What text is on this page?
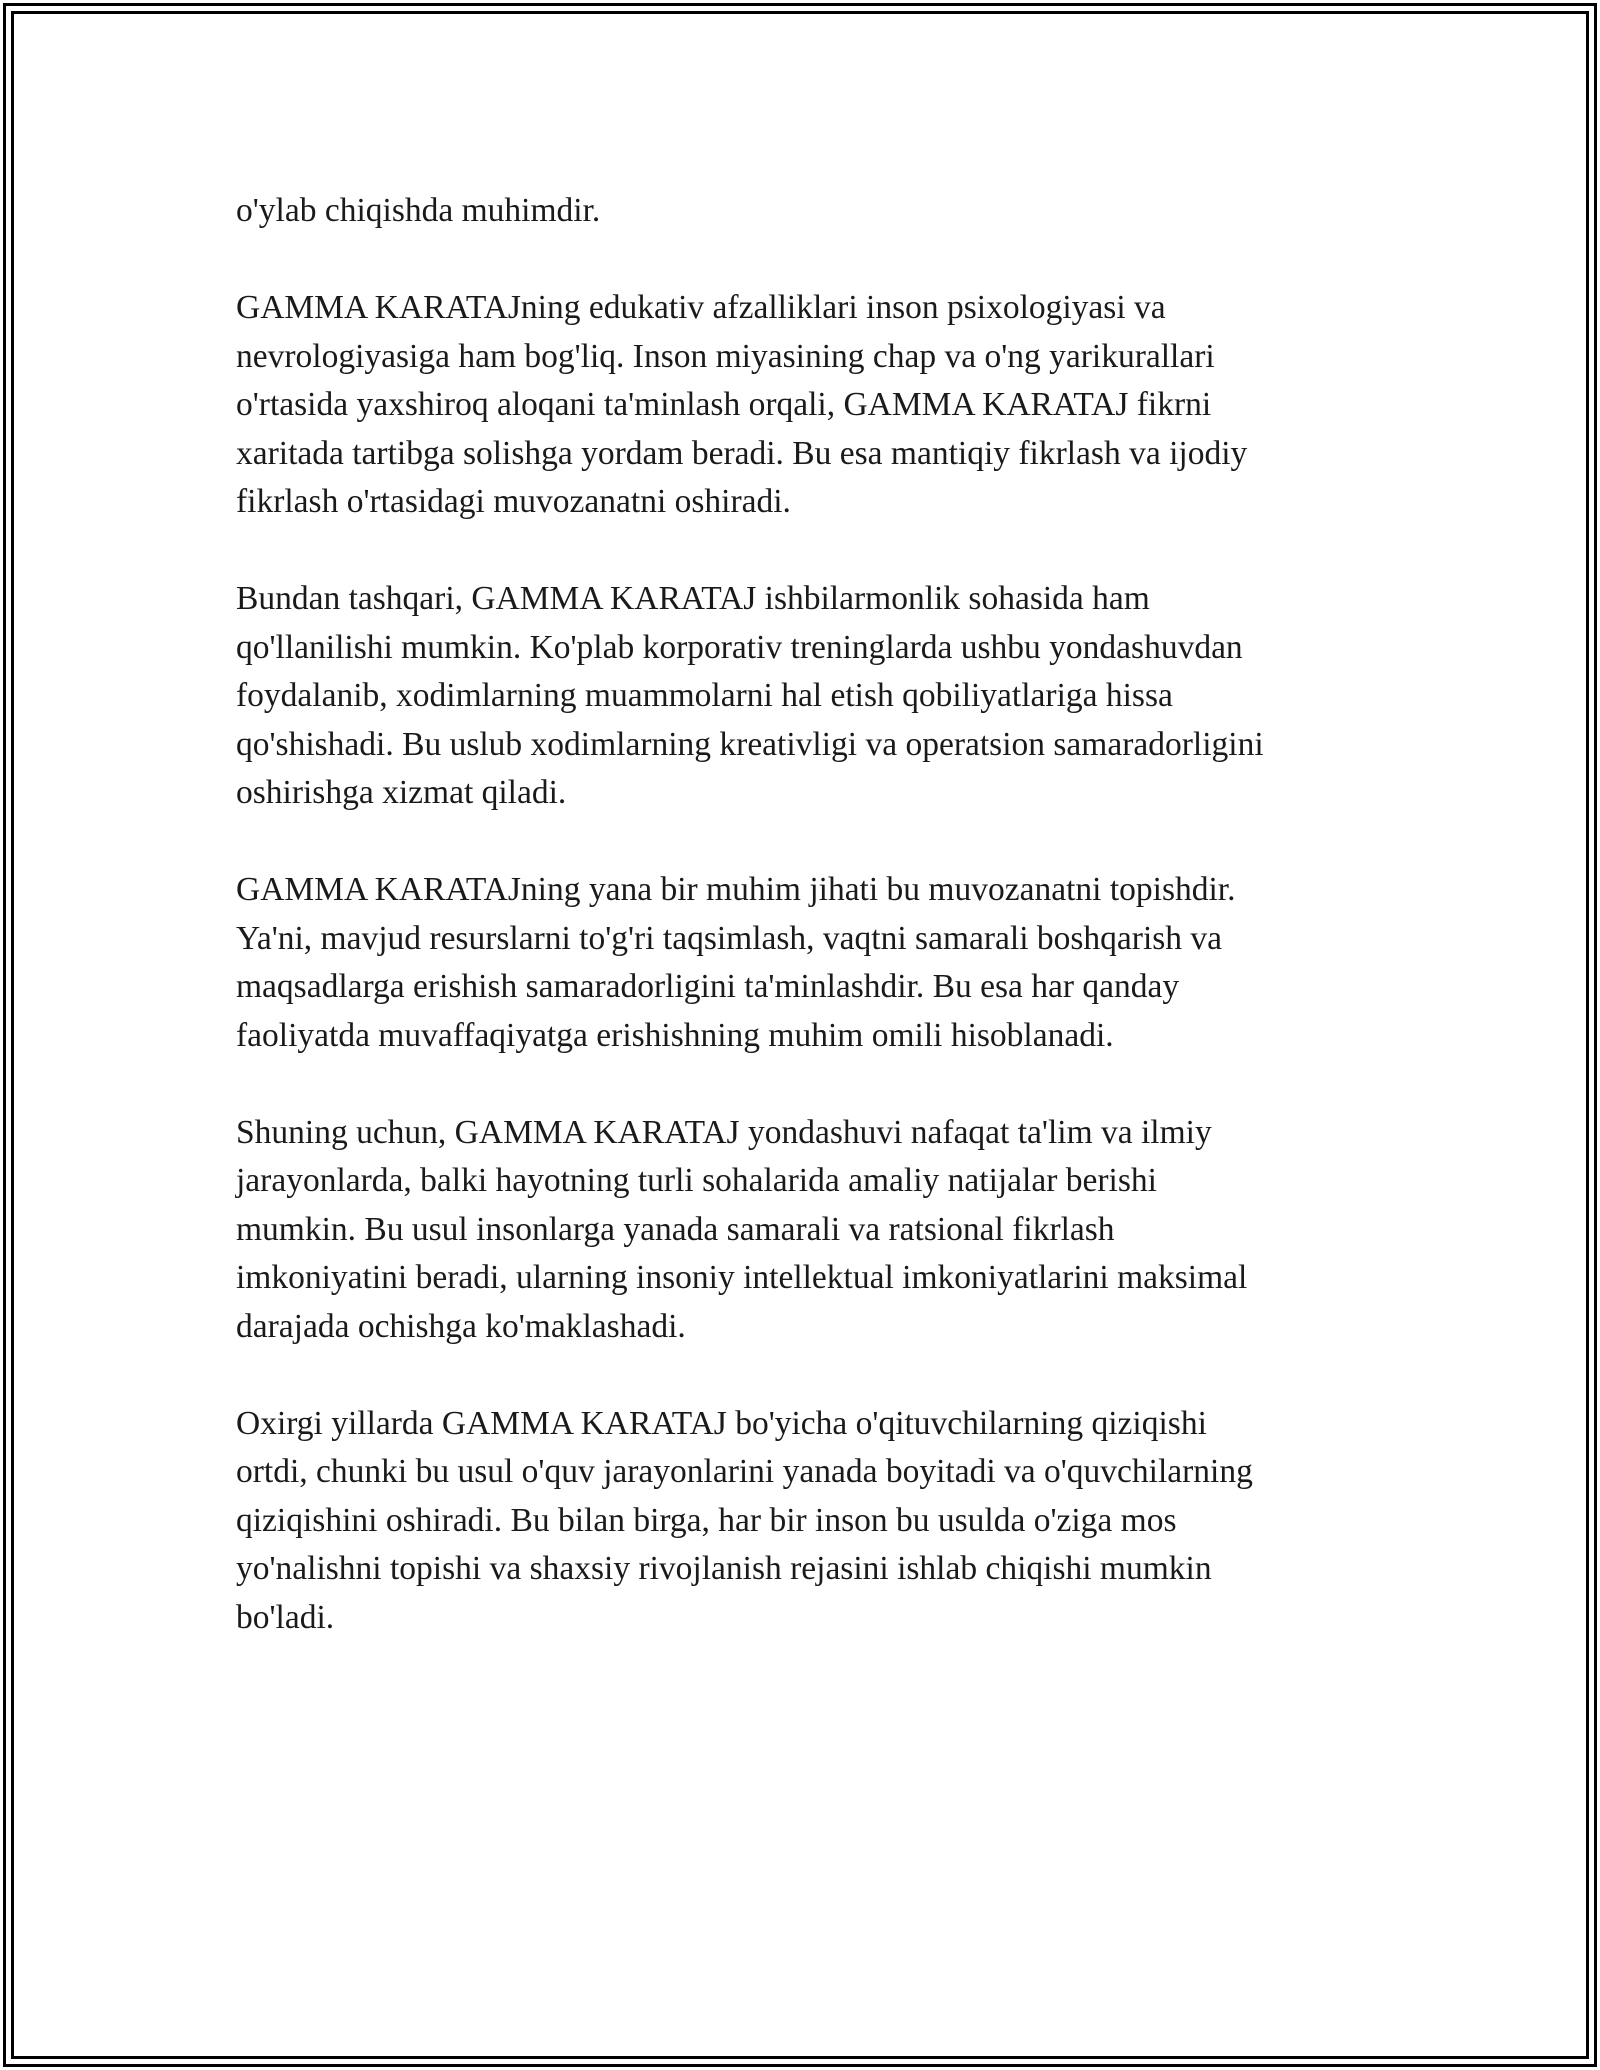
o'ylab chiqishda muhimdir.

GAMMA KARATAJning edukativ afzalliklari inson psixologiyasi va
nevrologiyasiga ham bog'liq. Inson miyasining chap va o'ng yarikurallari
o'rtasida yaxshiroq aloqani ta'minlash orqali, GAMMA KARATAJ fikrni
xaritada tartibga solishga yordam beradi. Bu esa mantiqiy fikrlash va ijodiy
fikrlash o'rtasidagi muvozanatni oshiradi.

Bundan tashqari, GAMMA KARATAJ ishbilarmonlik sohasida ham
qo'llanilishi mumkin. Ko'plab korporativ treninglarda ushbu yondashuvdan
foydalanib, xodimlarning muammolarni hal etish qobiliyatlariga hissa
qo'shishadi. Bu uslub xodimlarning kreativligi va operatsion samaradorligini
oshirishga xizmat qiladi.

GAMMA KARATAJning yana bir muhim jihati bu muvozanatni topishdir.
Ya'ni, mavjud resurslarni to'g'ri taqsimlash, vaqtni samarali boshqarish va
maqsadlarga erishish samaradorligini ta'minlashdir. Bu esa har qanday
faoliyatda muvaffaqiyatga erishishning muhim omili hisoblanadi.

Shuning uchun, GAMMA KARATAJ yondashuvi nafaqat ta'lim va ilmiy
jarayonlarda, balki hayotning turli sohalarida amaliy natijalar berishi
mumkin. Bu usul insonlarga yanada samarali va ratsional fikrlash
imkoniyatini beradi, ularning insoniy intellektual imkoniyatlarini maksimal
darajada ochishga ko'maklashadi.

Oxirgi yillarda GAMMA KARATAJ bo'yicha o'qituvchilarning qiziqishi
ortdi, chunki bu usul o'quv jarayonlarini yanada boyitadi va o'quvchilarning
qiziqishini oshiradi. Bu bilan birga, har bir inson bu usulda o'ziga mos
yo'nalishni topishi va shaxsiy rivojlanish rejasini ishlab chiqishi mumkin
bo'ladi.
